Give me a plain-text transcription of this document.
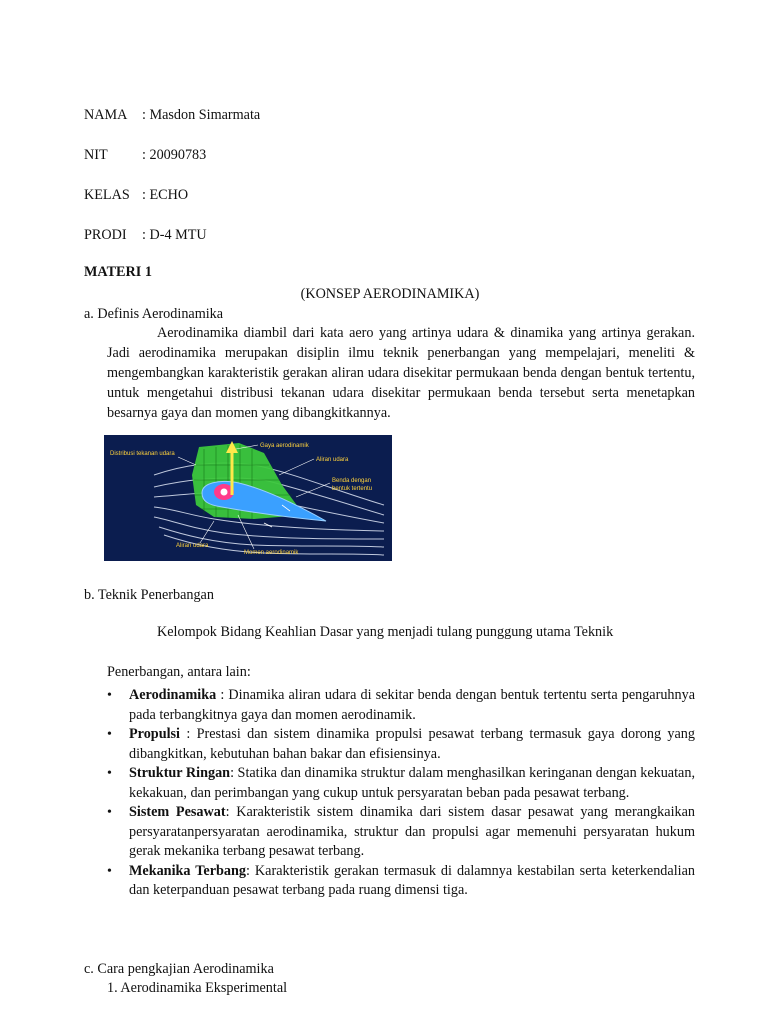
NAMA : Masdon Simarmata
NIT : 20090783
KELAS : ECHO
PRODI : D-4 MTU
MATERI 1
(KONSEP AERODINAMIKA)
a. Definis Aerodinamika
Aerodinamika diambil dari kata aero yang artinya udara & dinamika yang artinya gerakan. Jadi aerodinamika merupakan disiplin ilmu teknik penerbangan yang mempelajari, meneliti & mengembangkan karakteristik gerakan aliran udara disekitar permukaan benda dengan bentuk tertentu, untuk mengetahui distribusi tekanan udara disekitar permukaan benda tersebut serta menetapkan besarnya gaya dan momen yang dibangkitkannya.
Distribusi tekanan udara
Gaya aerodinamik
Aliran udara
Benda dengan
bentuk tertentu
Aliran udara
Momen aerodinamik
b. Teknik Penerbangan
Kelompok Bidang Keahlian Dasar yang menjadi tulang punggung utama Teknik
Penerbangan, antara lain:
• Aerodinamika : Dinamika aliran udara di sekitar benda dengan bentuk tertentu serta pengaruhnya pada terbangkitnya gaya dan momen aerodinamik.
• Propulsi : Prestasi dan sistem dinamika propulsi pesawat terbang termasuk gaya dorong yang dibangkitkan, kebutuhan bahan bakar dan efisiensinya.
• Struktur Ringan: Statika dan dinamika struktur dalam menghasilkan keringanan dengan kekuatan, kekakuan, dan perimbangan yang cukup untuk persyaratan beban pada pesawat terbang.
• Sistem Pesawat: Karakteristik sistem dinamika dari sistem dasar pesawat yang merangkaikan persyaratanpersyaratan aerodinamika, struktur dan propulsi agar memenuhi persyaratan hukum gerak mekanika terbang pesawat terbang.
• Mekanika Terbang: Karakteristik gerakan termasuk di dalamnya kestabilan serta keterkendalian dan keterpanduan pesawat terbang pada ruang dimensi tiga.
c. Cara pengkajian Aerodinamika
1. Aerodinamika Eksperimental
